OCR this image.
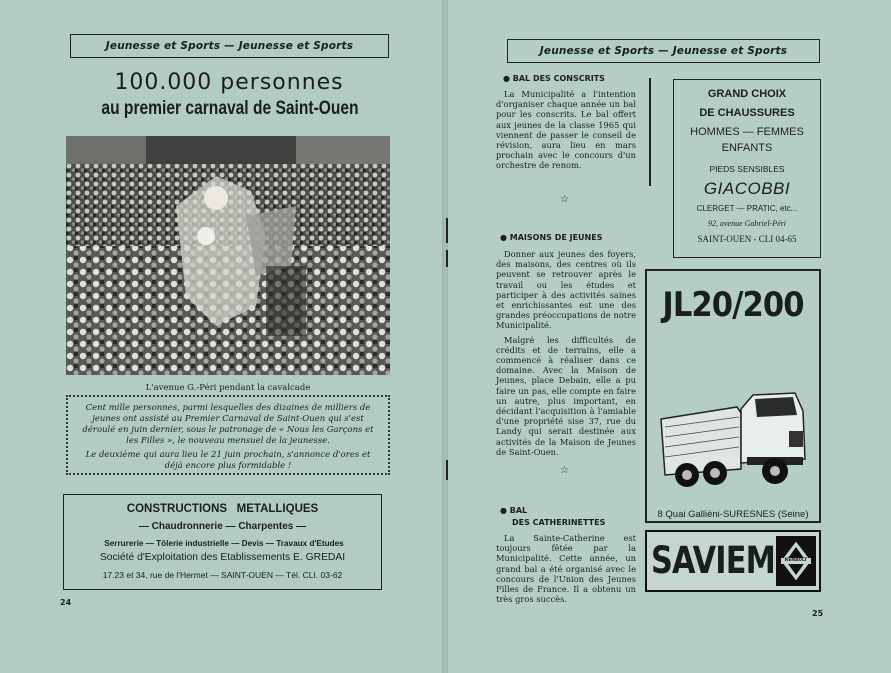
Jeunesse et Sports — Jeunesse et Sports
100.000 personnes
au premier carnaval de Saint-Ouen
L'avenue G.-Péri pendant la cavalcade

Cent mille personnes, parmi lesquelles des dizaines de milliers de jeunes ont assisté au Premier Carnaval de Saint-Ouen qui s'est déroulé en juin dernier, sous le patronage de « Nous les Garçons et les Filles », le nouveau mensuel de la jeunesse.

Le deuxième qui aura lieu le 21 juin prochain, s'annonce d'ores et déjà encore plus formidable !

CONSTRUCTIONS   METALLIQUES
— Chaudronnerie — Charpentes —
Serrurerie — Tôlerie industrielle — Devis — Travaux d'Etudes
Société d'Exploitation des Etablissements E. GREDAI
17.23 et 34, rue de l'Hermet — SAINT-OUEN — Tél. CLI. 03-62
24
Jeunesse et Sports — Jeunesse et Sports
● BAL DES CONSCRITS

La Municipalité a l'intention d'organiser chaque année un bal pour les conscrits. Le bal offert aux jeunes de la classe 1965 qui viennent de passer le conseil de révision, aura lieu en mars prochain avec le concours d'un orchestre de renom.

☆
● MAISONS DE JEUNES

Donner aux jeunes des foyers, des maisons, des centres où ils peuvent se retrouver après le travail ou les études et participer à des activités saines et enrichissantes est une des grandes préoccupations de notre Municipalité.

Malgré les difficultés de crédits et de terrains, elle a commencé à réaliser dans ce domaine. Avec la Maison de Jeunes, place Debain, elle a pu faire un pas, elle compte en faire un autre, plus important, en décidant l'acquisition à l'amiable d'une propriété sise 37, rue du Landy qui serait destinée aux activités de la Maison de Jeunes de Saint-Ouen.

☆
● BAL
DES CATHERINETTES

La Sainte-Catherine est toujours fêtée par la Municipalité. Cette année, un grand bal a été organisé avec le concours de l'Union des Jeunes Filles de France. Il a obtenu un très gros succès.

GRAND CHOIX
DE CHAUSSURES
HOMMES — FEMMES
ENFANTS
PIEDS SENSIBLES
GIACOBBI
CLERGET — PRATIC, etc...
92, avenue Gabriel-Péri
SAINT-OUEN - CLI 04-65
JL20/200
8 Quai Galliéni-SURESNES (Seine)
SAVIEM	RENAULT
25
